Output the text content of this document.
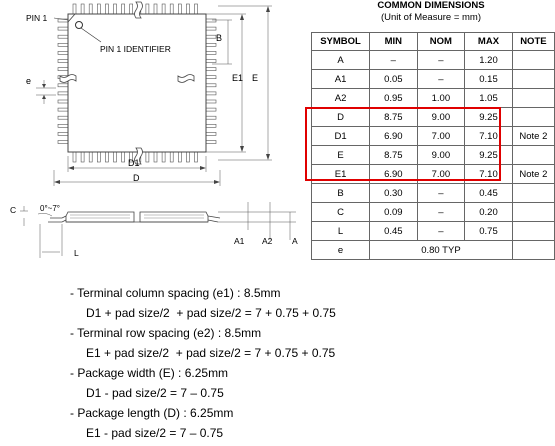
PIN 1
PIN 1 IDENTIFIER
B
E1 E
e
D1
D
C	0°~7°
L
A1 A2 A
COMMON DIMENSIONS
(Unit of Measure = mm)
SYMBOL	MIN	NOM	MAX	NOTE
A	–	–	1.20	
A1	0.05	–	0.15	
A2	0.95	1.00	1.05	
D	8.75	9.00	9.25	
D1	6.90	7.00	7.10	Note 2
E	8.75	9.00	9.25	
E1	6.90	7.00	7.10	Note 2
B	0.30	–	0.45	
C	0.09	–	0.20	
L	0.45	–	0.75	
e	0.80 TYP			
- Terminal column spacing (e1) : 8.5mm
D1 + pad size/2  + pad size/2 = 7 + 0.75 + 0.75
- Terminal row spacing (e2) : 8.5mm
E1 + pad size/2  + pad size/2 = 7 + 0.75 + 0.75
- Package width (E) : 6.25mm
D1 - pad size/2 = 7 – 0.75
- Package length (D) : 6.25mm
E1 - pad size/2 = 7 – 0.75
